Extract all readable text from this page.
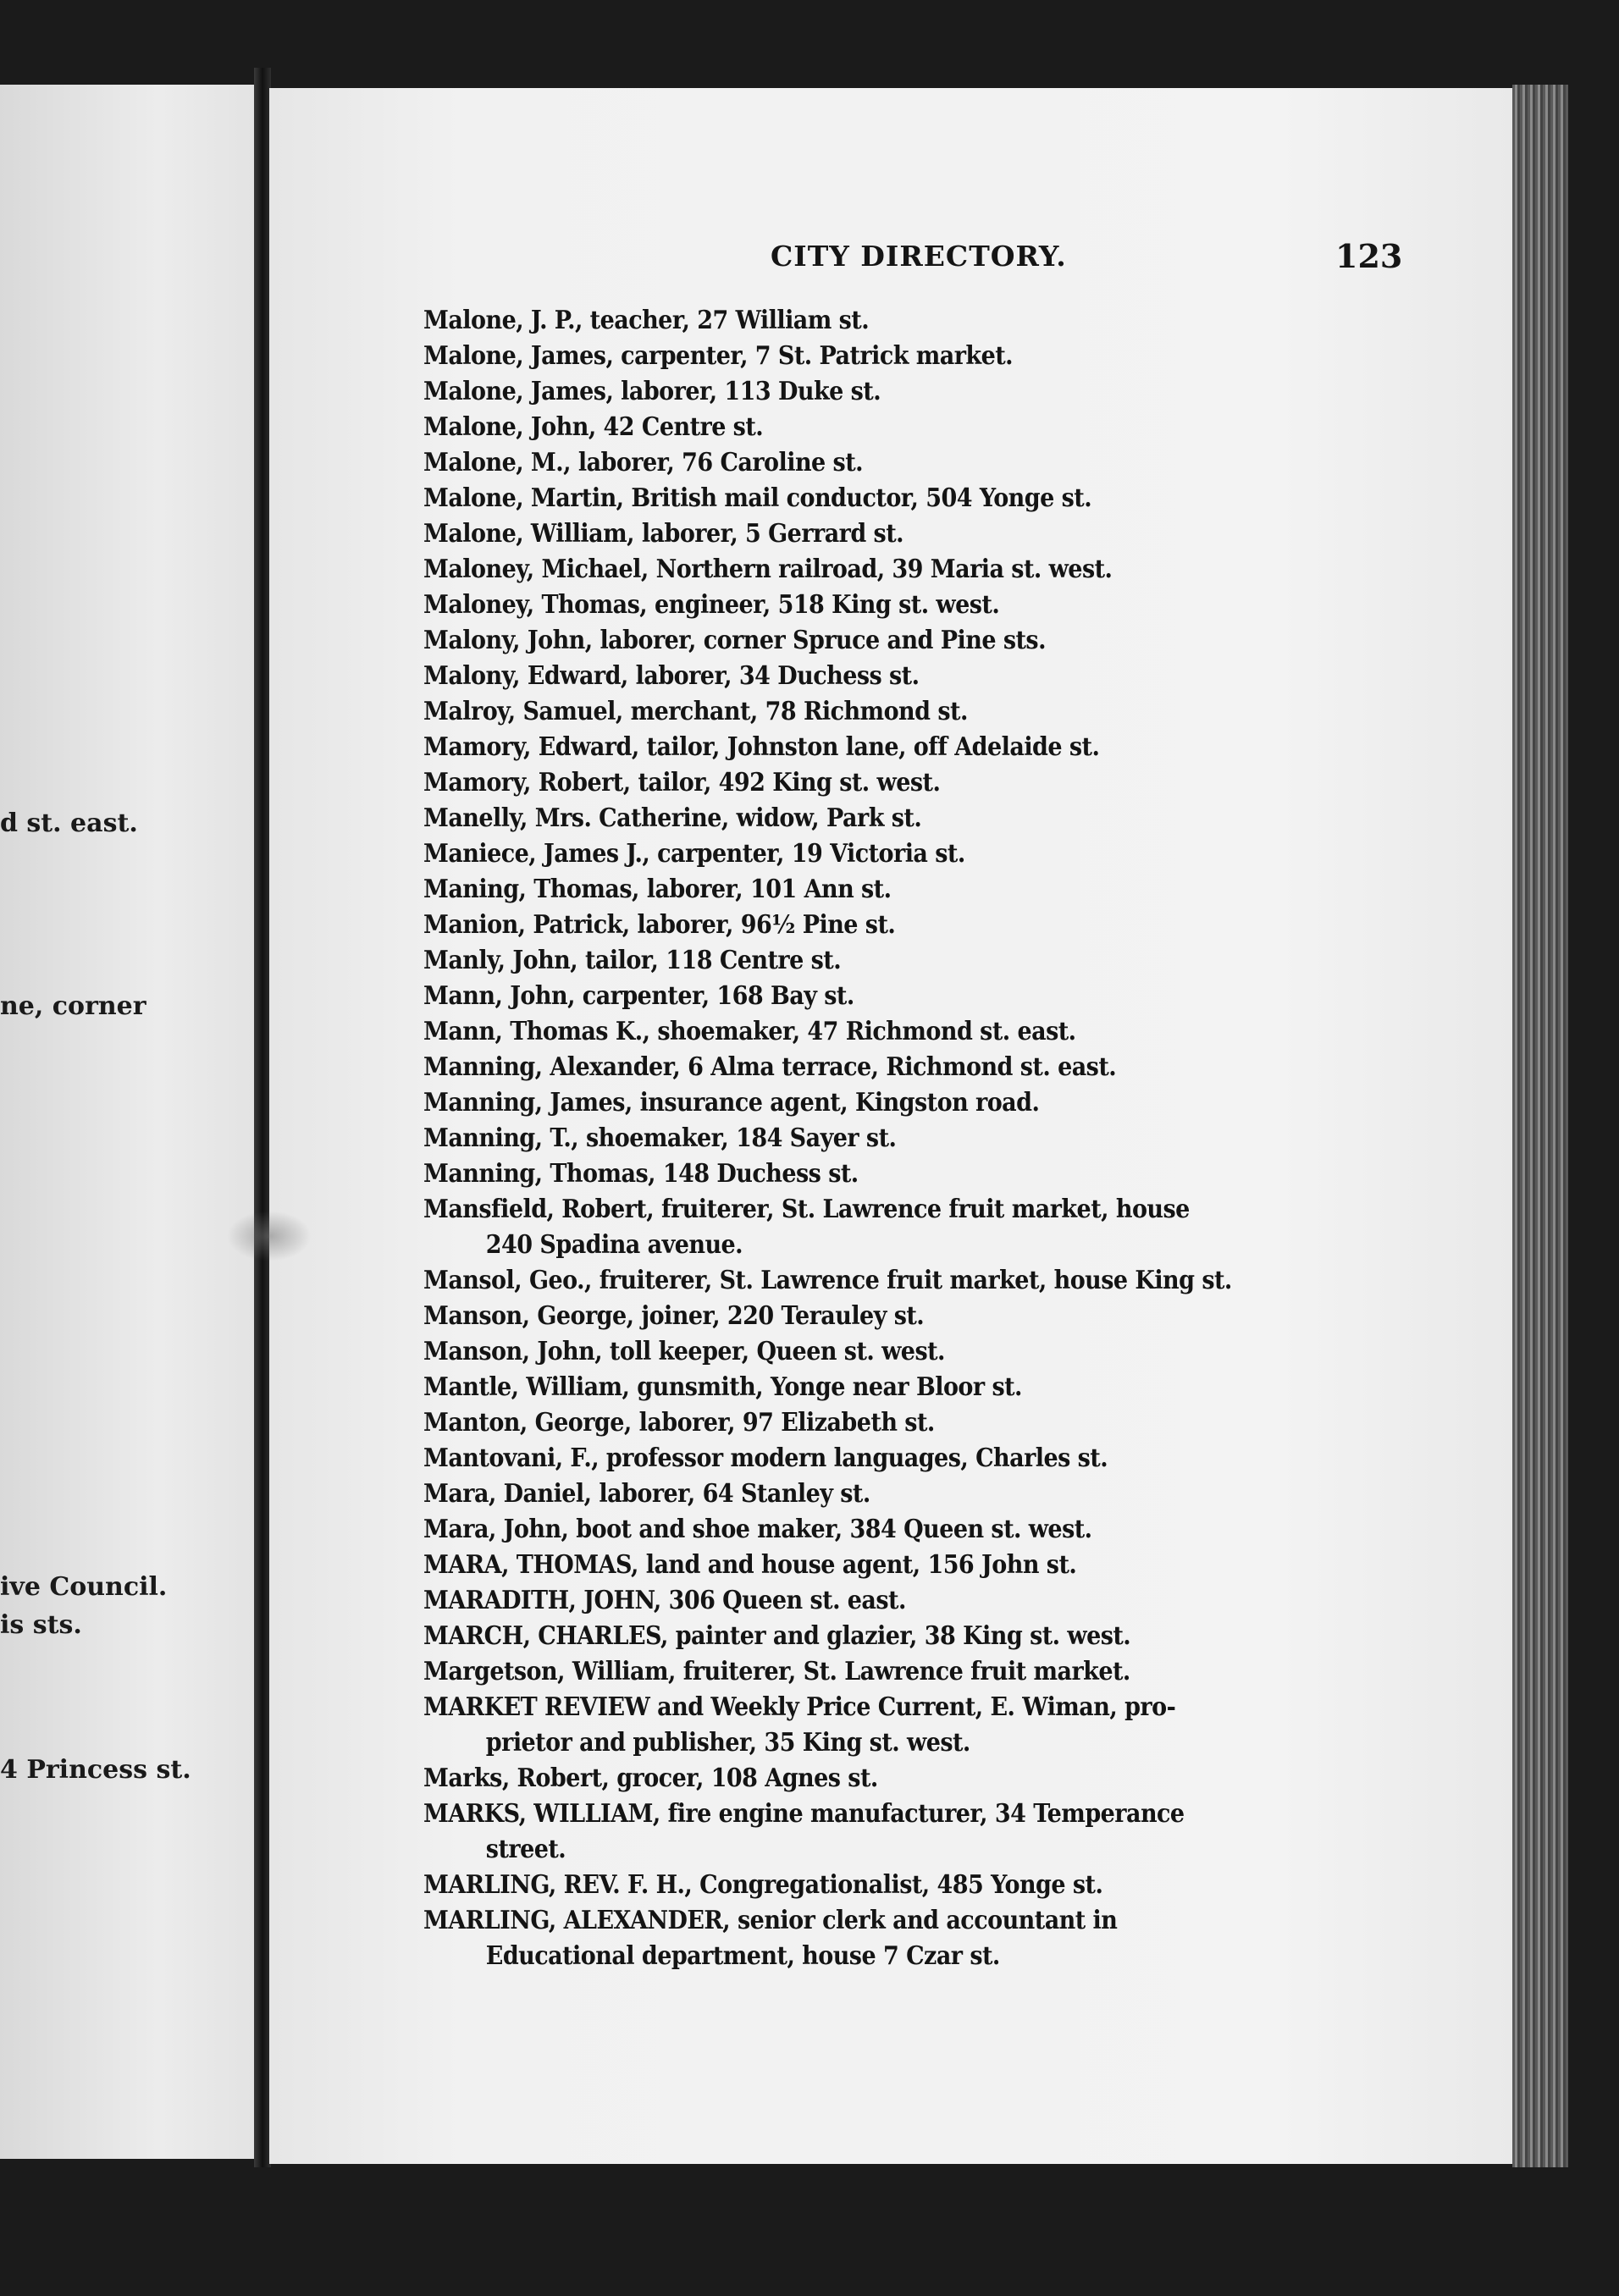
d st. east.
ne, corner
ive Council.
is sts.
4 Princess st.
CITY DIRECTORY.	123
Malone, J. P., teacher, 27 William st.
Malone, James, carpenter, 7 St. Patrick market.
Malone, James, laborer, 113 Duke st.
Malone, John, 42 Centre st.
Malone, M., laborer, 76 Caroline st.
Malone, Martin, British mail conductor, 504 Yonge st.
Malone, William, laborer, 5 Gerrard st.
Maloney, Michael, Northern railroad, 39 Maria st. west.
Maloney, Thomas, engineer, 518 King st. west.
Malony, John, laborer, corner Spruce and Pine sts.
Malony, Edward, laborer, 34 Duchess st.
Malroy, Samuel, merchant, 78 Richmond st.
Mamory, Edward, tailor, Johnston lane, off Adelaide st.
Mamory, Robert, tailor, 492 King st. west.
Manelly, Mrs. Catherine, widow, Park st.
Maniece, James J., carpenter, 19 Victoria st.
Maning, Thomas, laborer, 101 Ann st.
Manion, Patrick, laborer, 96½ Pine st.
Manly, John, tailor, 118 Centre st.
Mann, John, carpenter, 168 Bay st.
Mann, Thomas K., shoemaker, 47 Richmond st. east.
Manning, Alexander, 6 Alma terrace, Richmond st. east.
Manning, James, insurance agent, Kingston road.
Manning, T., shoemaker, 184 Sayer st.
Manning, Thomas, 148 Duchess st.
Mansfield, Robert, fruiterer, St. Lawrence fruit market, house
240 Spadina avenue.
Mansol, Geo., fruiterer, St. Lawrence fruit market, house King st.
Manson, George, joiner, 220 Terauley st.
Manson, John, toll keeper, Queen st. west.
Mantle, William, gunsmith, Yonge near Bloor st.
Manton, George, laborer, 97 Elizabeth st.
Mantovani, F., professor modern languages, Charles st.
Mara, Daniel, laborer, 64 Stanley st.
Mara, John, boot and shoe maker, 384 Queen st. west.
MARA, THOMAS, land and house agent, 156 John st.
MARADITH, JOHN, 306 Queen st. east.
MARCH, CHARLES, painter and glazier, 38 King st. west.
Margetson, William, fruiterer, St. Lawrence fruit market.
MARKET REVIEW and Weekly Price Current, E. Wiman, pro-
prietor and publisher, 35 King st. west.
Marks, Robert, grocer, 108 Agnes st.
MARKS, WILLIAM, fire engine manufacturer, 34 Temperance
street.
MARLING, REV. F. H., Congregationalist, 485 Yonge st.
MARLING, ALEXANDER, senior clerk and accountant in
Educational department, house 7 Czar st.
